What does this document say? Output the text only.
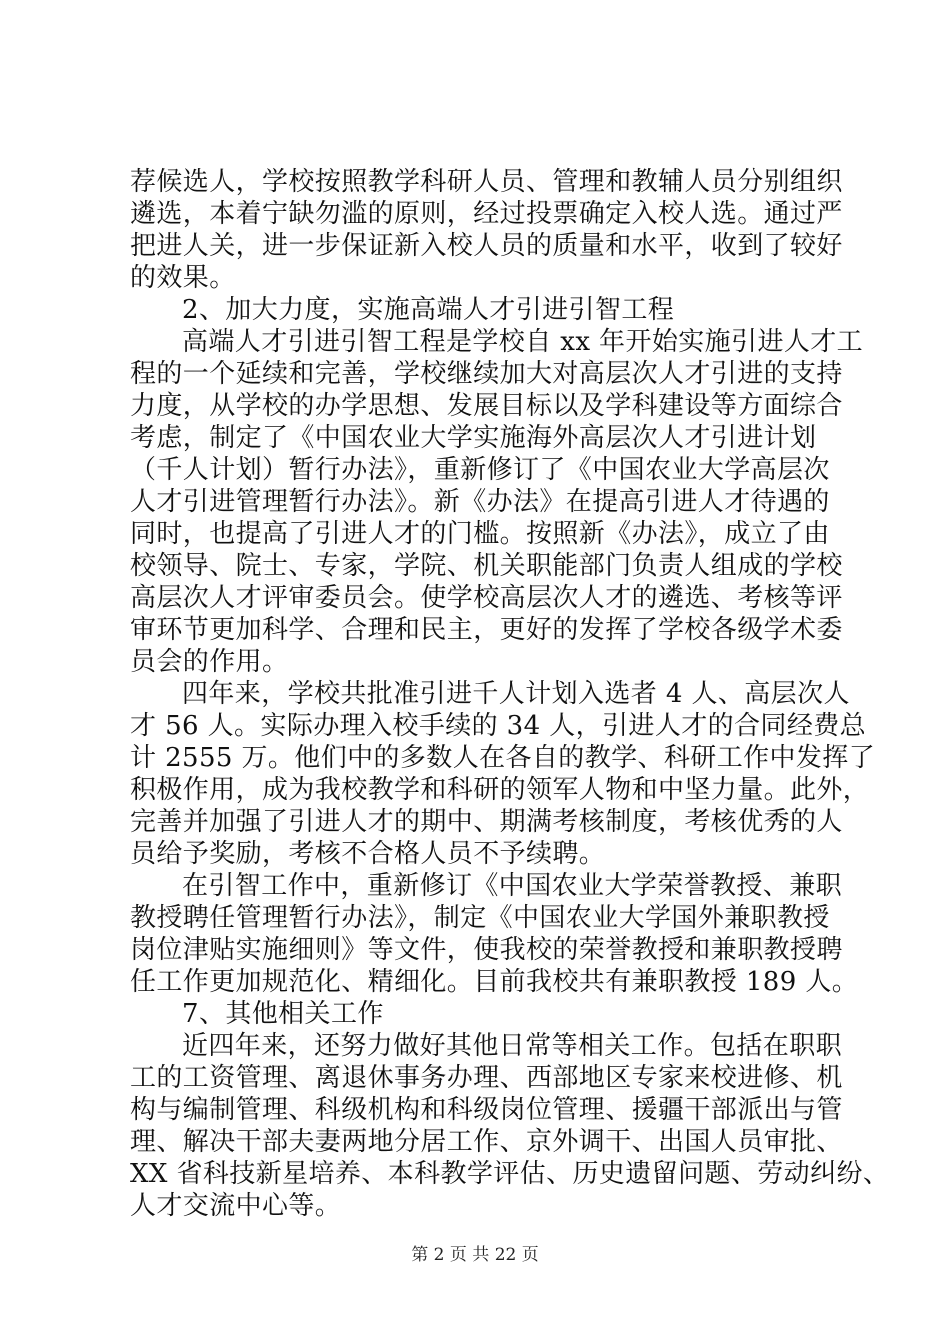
荐候选人，学校按照教学科研人员、管理和教辅人员分别组织
遴选，本着宁缺勿滥的原则，经过投票确定入校人选。通过严
把进人关，进一步保证新入校人员的质量和水平，收到了较好
的效果。
2、加大力度，实施高端人才引进引智工程
高端人才引进引智工程是学校自 xx 年开始实施引进人才工
程的一个延续和完善，学校继续加大对高层次人才引进的支持
力度，从学校的办学思想、发展目标以及学科建设等方面综合
考虑，制定了《中国农业大学实施海外高层次人才引进计划
（千人计划）暂行办法》，重新修订了《中国农业大学高层次
人才引进管理暂行办法》。新《办法》在提高引进人才待遇的
同时，也提高了引进人才的门槛。按照新《办法》，成立了由
校领导、院士、专家，学院、机关职能部门负责人组成的学校
高层次人才评审委员会。使学校高层次人才的遴选、考核等评
审环节更加科学、合理和民主，更好的发挥了学校各级学术委
员会的作用。
四年来，学校共批准引进千人计划入选者 4 人、高层次人
才 56 人。实际办理入校手续的 34 人，引进人才的合同经费总
计 2555 万。他们中的多数人在各自的教学、科研工作中发挥了
积极作用，成为我校教学和科研的领军人物和中坚力量。此外，
完善并加强了引进人才的期中、期满考核制度，考核优秀的人
员给予奖励，考核不合格人员不予续聘。
在引智工作中，重新修订《中国农业大学荣誉教授、兼职
教授聘任管理暂行办法》，制定《中国农业大学国外兼职教授
岗位津贴实施细则》等文件，使我校的荣誉教授和兼职教授聘
任工作更加规范化、精细化。目前我校共有兼职教授 189 人。
7、其他相关工作
近四年来，还努力做好其他日常等相关工作。包括在职职
工的工资管理、离退休事务办理、西部地区专家来校进修、机
构与编制管理、科级机构和科级岗位管理、援疆干部派出与管
理、解决干部夫妻两地分居工作、京外调干、出国人员审批、
XX 省科技新星培养、本科教学评估、历史遗留问题、劳动纠纷、
人才交流中心等。
第 2 页 共 22 页
